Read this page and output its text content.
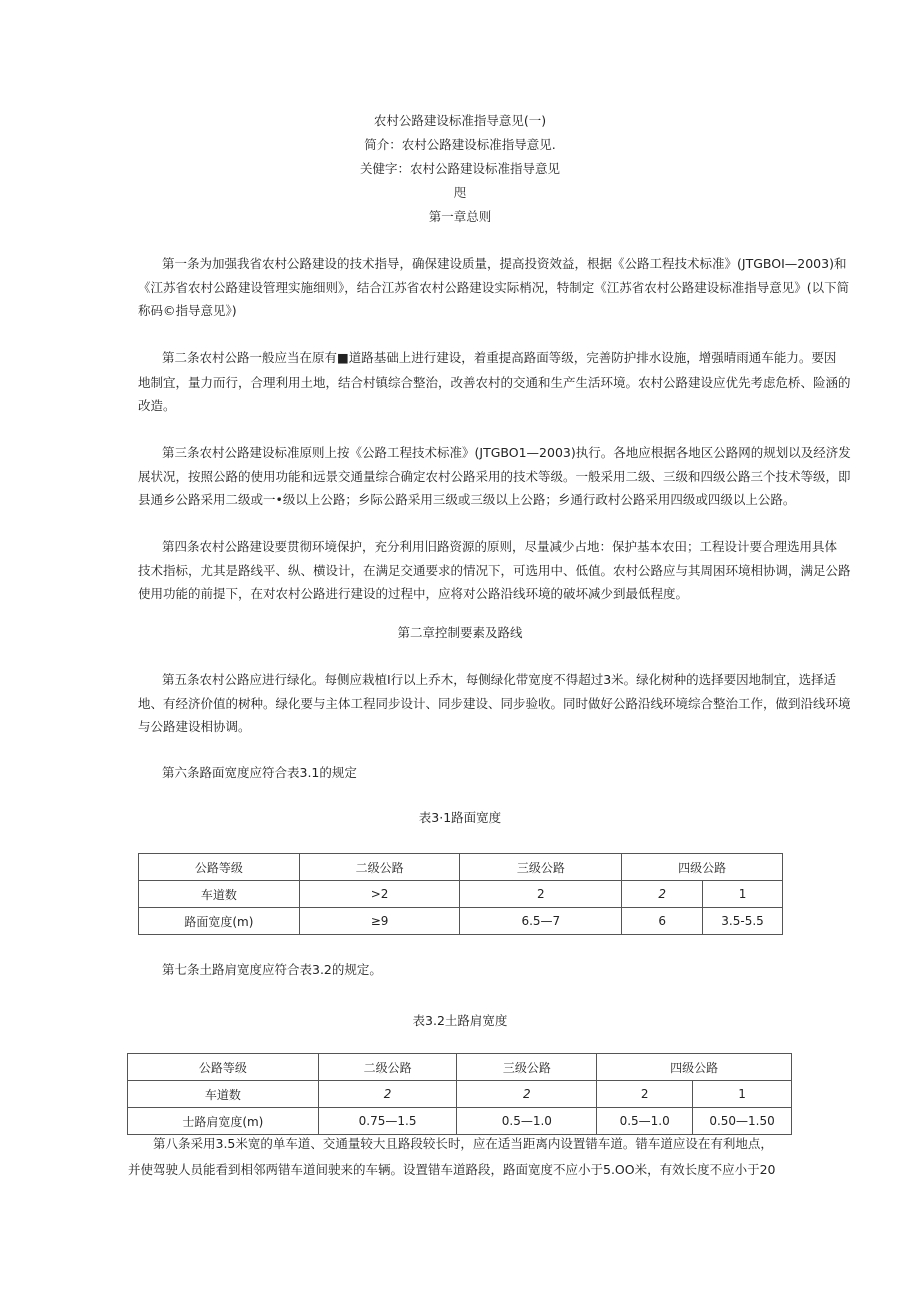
农村公路建设标准指导意见(一)
简介：农村公路建设标准指导意见.
关健字：农村公路建设标准指导意见
咫
第一章总则
第一条为加强我省农村公路建设的技术指导，确保建设质量，提高投资效益，根据《公路工程技术标准》(JTGBOI—2003)和
《江苏省农村公路建设管理实施细则》，结合江苏省农村公路建设实际梢况，特制定《江苏省农村公路建设标准指导意见》(以下简
称码©指导意见》)
第二条农村公路一般应当在原有■道路基础上进行建设，着重提高路面等级，完善防护排水设施，增强晴雨通车能力。要因
地制宜，量力而行，合理利用土地，结合村镇综合整治，改善农村的交通和生产生活环境。农村公路建设应优先考虑危桥、险涵的
改造。
第三条农村公路建设标准原则上按《公路工程技术标准》(JTGBO1—2003)执行。各地应根据各地区公路网的规划以及经济发
展状况，按照公路的使用功能和远景交通量综合确定农村公路采用的技术等级。一般采用二级、三级和四级公路三个技术等级，即
县通乡公路采用二级或一•级以上公路；乡际公路采用三级或三级以上公路；乡通行政村公路采用四级或四级以上公路。
第四条农村公路建设要贯彻环境保护，充分利用旧路资源的原则，尽量减少占地：保护基本农田；工程设计要合理选用具体
技术指标，尤其是路线平、纵、横设计，在满足交通要求的情况下，可选用中、低值。农村公路应与其周困环境相协调，满足公路
使用功能的前提下，在对农村公路进行建设的过程中，应将对公路沿线环境的破坏减少到最低程度。
第二章控制要素及路线
第五条农村公路应进行绿化。每侧应栽植I行以上乔木，每侧绿化带宽度不得超过3米。绿化树种的选择要因地制宜，选择适
地、有经济价值的树种。绿化要与主体工程同步设计、同步建设、同步验收。同时做好公路沿线环境综合整治工作，做到沿线环境
与公路建设相协调。
第六条路面宽度应符合表3.1的规定
表3·1路面宽度
公路等级	二级公路	三级公路	四级公路	
车道数	>2	2	2	1
路面宽度(m)	≥9	6.5—7	6	3.5-5.5
第七条土路肩宽度应符合表3.2的规定。
表3.2土路肩宽度
公路等级	二级公路	三级公路	四级公路	
车道数	2	2	2	1
士路肩宽度(m)	0.75—1.5	0.5—1.0	0.5—1.0	0.50—1.50
第八条采用3.5米宽的单车道、交通量较大且路段较长时，应在适当距离内设置错车道。错车道应设在有利地点，
并使驾驶人员能看到相邻两错车道间驶来的车辆。设置错车道路段，路面宽度不应小于5.OO米，有效长度不应小于20
